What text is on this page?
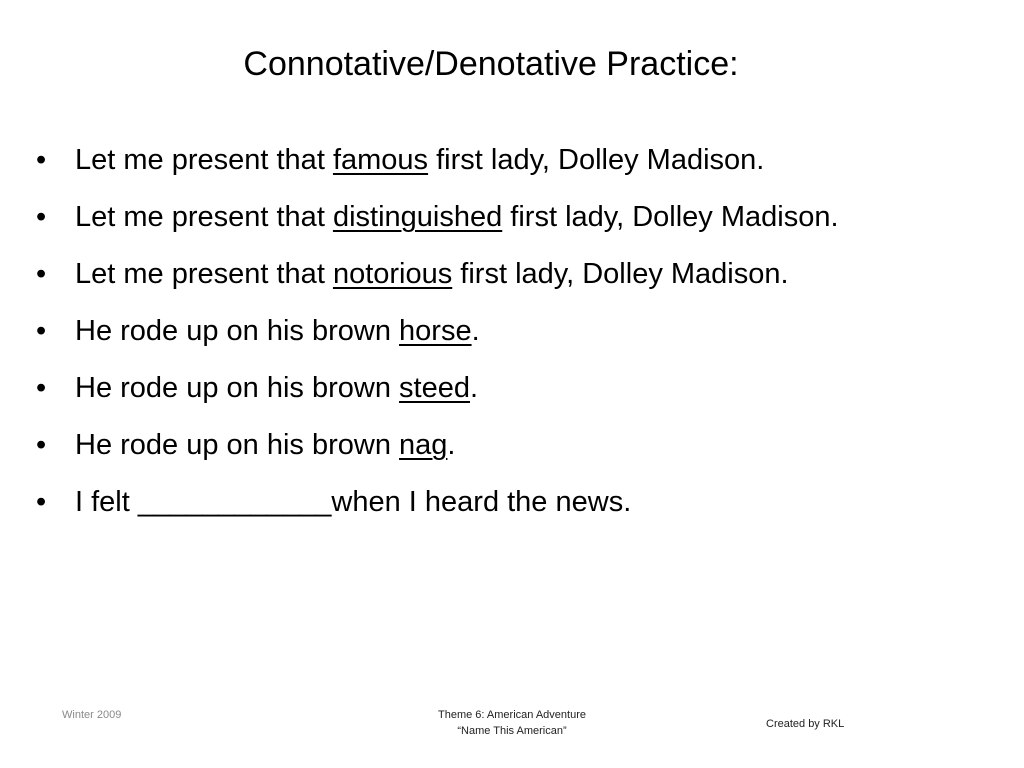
Connotative/Denotative Practice:
• Let me present that famous first lady, Dolley Madison.
• Let me present that distinguished first lady, Dolley Madison.
• Let me present that notorious first lady, Dolley Madison.
• He rode up on his brown horse.
• He rode up on his brown steed.
• He rode up on his brown nag.
• I felt ____________when I heard the news.
Winter 2009	Theme 6: American Adventure
“Name This American”
Created by RKL
